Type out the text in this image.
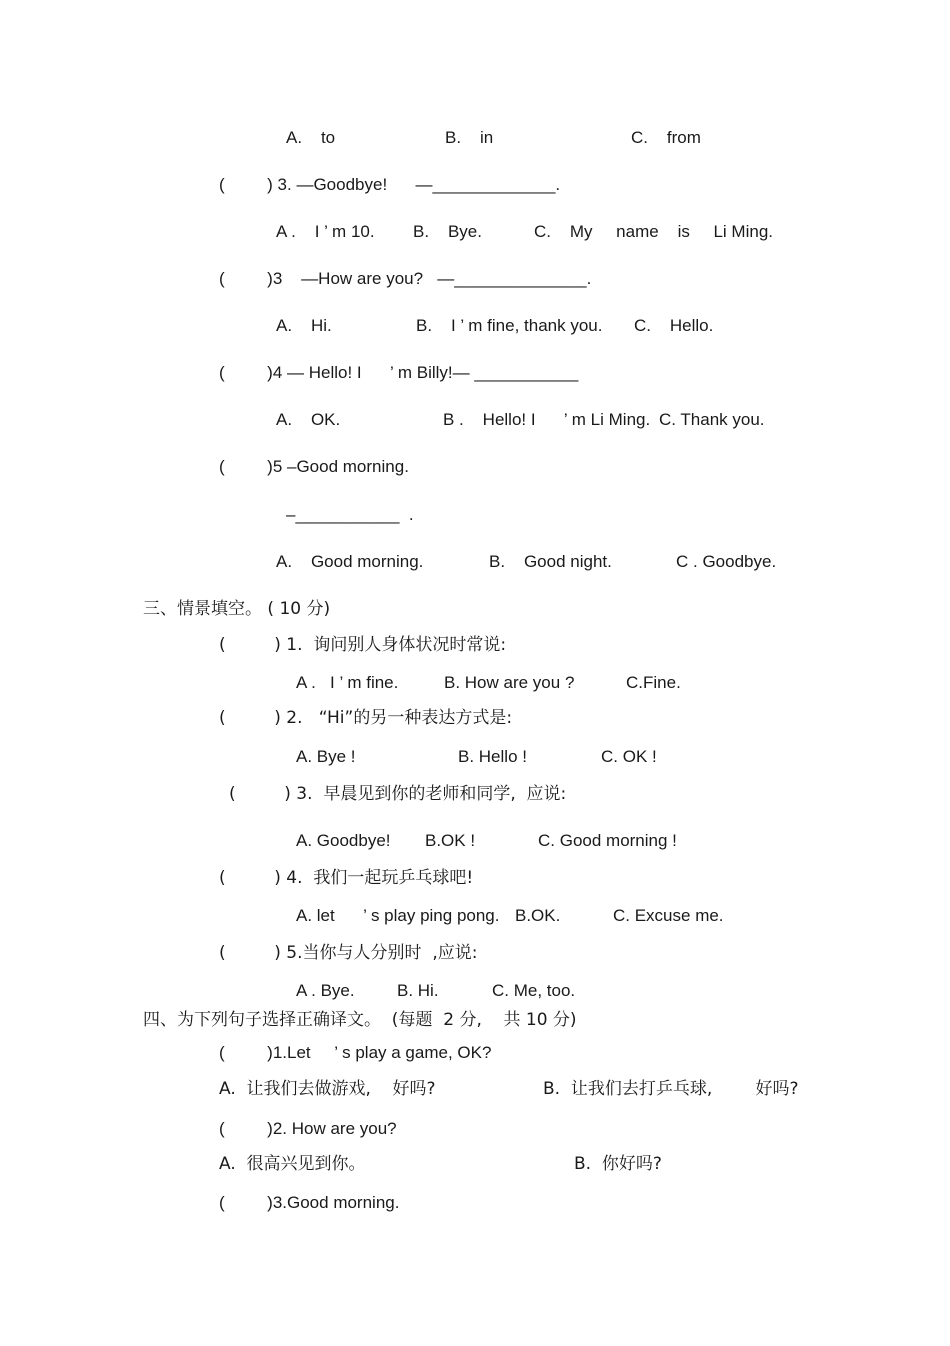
A.    to	B.    in	C.    from
(         ) 3. —Goodbye!      —_____________.
A .    I ’ m 10. B.    Bye.	C.    My     name    is     Li Ming.
(         )3    —How are you?   —______________.
A.    Hi.	B.    I ’ m fine, thank you. C.    Hello.
(         )4 — Hello! I      ’ m Billy!— ___________
A.    OK.	B .    Hello! I      ’ m Li Ming. C. Thank you.
(         )5 –Good morning.
–___________  .
A.    Good morning.	B.    Good night.	C . Goodbye.
三、情景填空。 ( 10 分)
(         ) 1.  询问别人身体状况时常说:
A .   I ’ m fine.	B. How are you ?	C.Fine.
(         ) 2.   “Hi”的另一种表达方式是:
A. Bye !	B. Hello !	C. OK !
(         ) 3.  早晨见到你的老师和同学,  应说:
A. Goodbye! B.OK !	C. Good morning !
(         ) 4.  我们一起玩乒乓球吧!
A. let      ’ s play ping pong. B.OK.	C. Excuse me.
(         ) 5.当你与人分别时  ,应说:
A . Bye. B. Hi.	C. Me, too.
四、为下列句子选择正确译文。  (每题  2 分,    共 10 分)
(         )1.Let     ’ s play a game, OK?
A.  让我们去做游戏,    好吗?	B.  让我们去打乒乓球,        好吗?
(         )2. How are you?
A.  很高兴见到你。	B.  你好吗?
(         )3.Good morning.
